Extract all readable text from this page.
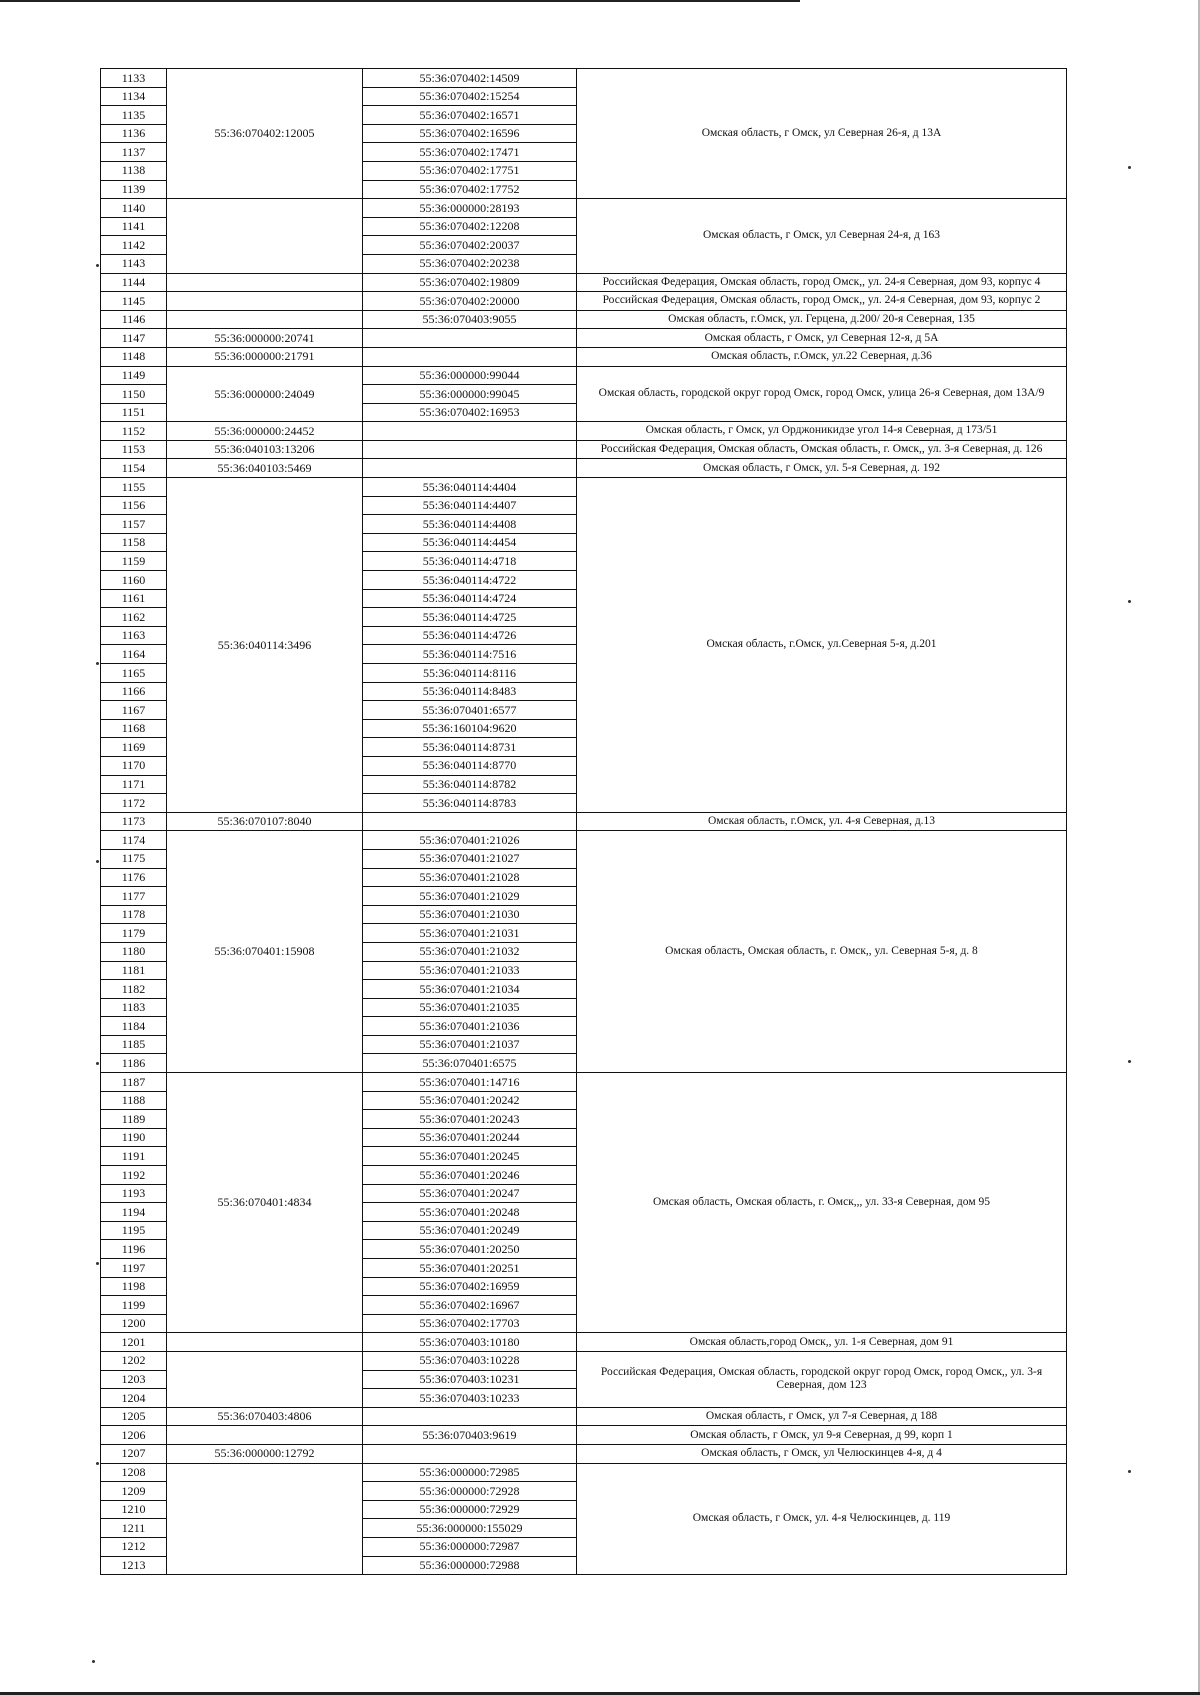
1133	55:36:070402:12005	55:36:070402:14509	Омская область, г Омск, ул Северная 26-я, д 13А
1134		55:36:070402:15254	
1135		55:36:070402:16571	
1136		55:36:070402:16596	
1137		55:36:070402:17471	
1138		55:36:070402:17751	
1139		55:36:070402:17752	
1140		55:36:000000:28193	Омская область, г Омск, ул Северная 24-я, д 163
1141		55:36:070402:12208	
1142		55:36:070402:20037	
1143		55:36:070402:20238	
1144		55:36:070402:19809	Российская Федерация, Омская область, город Омск,, ул. 24-я Северная, дом 93, корпус 4
1145		55:36:070402:20000	Российская Федерация, Омская область, город Омск,, ул. 24-я Северная, дом 93, корпус 2
1146		55:36:070403:9055	Омская область, г.Омск, ул. Герцена, д.200/ 20-я Северная, 135
1147	55:36:000000:20741		Омская область, г Омск, ул Северная 12-я, д 5А
1148	55:36:000000:21791		Омская область, г.Омск, ул.22 Северная, д.36
1149	55:36:000000:24049	55:36:000000:99044	Омская область, городской округ город Омск, город Омск, улица 26-я Северная, дом 13А/9
1150		55:36:000000:99045	
1151		55:36:070402:16953	
1152	55:36:000000:24452		Омская область, г Омск, ул Орджоникидзе угол 14-я Северная, д 173/51
1153	55:36:040103:13206		Российская Федерация, Омская область, Омская область, г. Омск,, ул. 3-я Северная, д. 126
1154	55:36:040103:5469		Омская область, г Омск, ул. 5-я Северная, д. 192
1155	55:36:040114:3496	55:36:040114:4404	Омская область, г.Омск, ул.Северная 5-я, д.201
1156		55:36:040114:4407	
1157		55:36:040114:4408	
1158		55:36:040114:4454	
1159		55:36:040114:4718	
1160		55:36:040114:4722	
1161		55:36:040114:4724	
1162		55:36:040114:4725	
1163		55:36:040114:4726	
1164		55:36:040114:7516	
1165		55:36:040114:8116	
1166		55:36:040114:8483	
1167		55:36:070401:6577	
1168		55:36:160104:9620	
1169		55:36:040114:8731	
1170		55:36:040114:8770	
1171		55:36:040114:8782	
1172		55:36:040114:8783	
1173	55:36:070107:8040		Омская область, г.Омск, ул. 4-я Северная, д.13
1174	55:36:070401:15908	55:36:070401:21026	Омская область, Омская область, г. Омск,, ул. Северная 5-я, д. 8
1175		55:36:070401:21027	
1176		55:36:070401:21028	
1177		55:36:070401:21029	
1178		55:36:070401:21030	
1179		55:36:070401:21031	
1180		55:36:070401:21032	
1181		55:36:070401:21033	
1182		55:36:070401:21034	
1183		55:36:070401:21035	
1184		55:36:070401:21036	
1185		55:36:070401:21037	
1186		55:36:070401:6575	
1187	55:36:070401:4834	55:36:070401:14716	Омская область, Омская область, г. Омск,,, ул. 33-я Северная, дом 95
1188		55:36:070401:20242	
1189		55:36:070401:20243	
1190		55:36:070401:20244	
1191		55:36:070401:20245	
1192		55:36:070401:20246	
1193		55:36:070401:20247	
1194		55:36:070401:20248	
1195		55:36:070401:20249	
1196		55:36:070401:20250	
1197		55:36:070401:20251	
1198		55:36:070402:16959	
1199		55:36:070402:16967	
1200		55:36:070402:17703	
1201		55:36:070403:10180	Омская область,город Омск,, ул. 1-я Северная, дом 91
1202		55:36:070403:10228	Российская Федерация, Омская область, городской округ город Омск, город Омск,, ул. 3-я Северная, дом 123
1203		55:36:070403:10231	
1204		55:36:070403:10233	
1205	55:36:070403:4806		Омская область, г Омск, ул 7-я Северная, д 188
1206		55:36:070403:9619	Омская область, г Омск, ул 9-я Северная, д 99, корп 1
1207	55:36:000000:12792		Омская область, г Омск, ул Челюскинцев 4-я, д 4
1208		55:36:000000:72985	Омская область, г Омск, ул. 4-я Челюскинцев, д. 119
1209		55:36:000000:72928	
1210		55:36:000000:72929	
1211		55:36:000000:155029	
1212		55:36:000000:72987	
1213		55:36:000000:72988	
